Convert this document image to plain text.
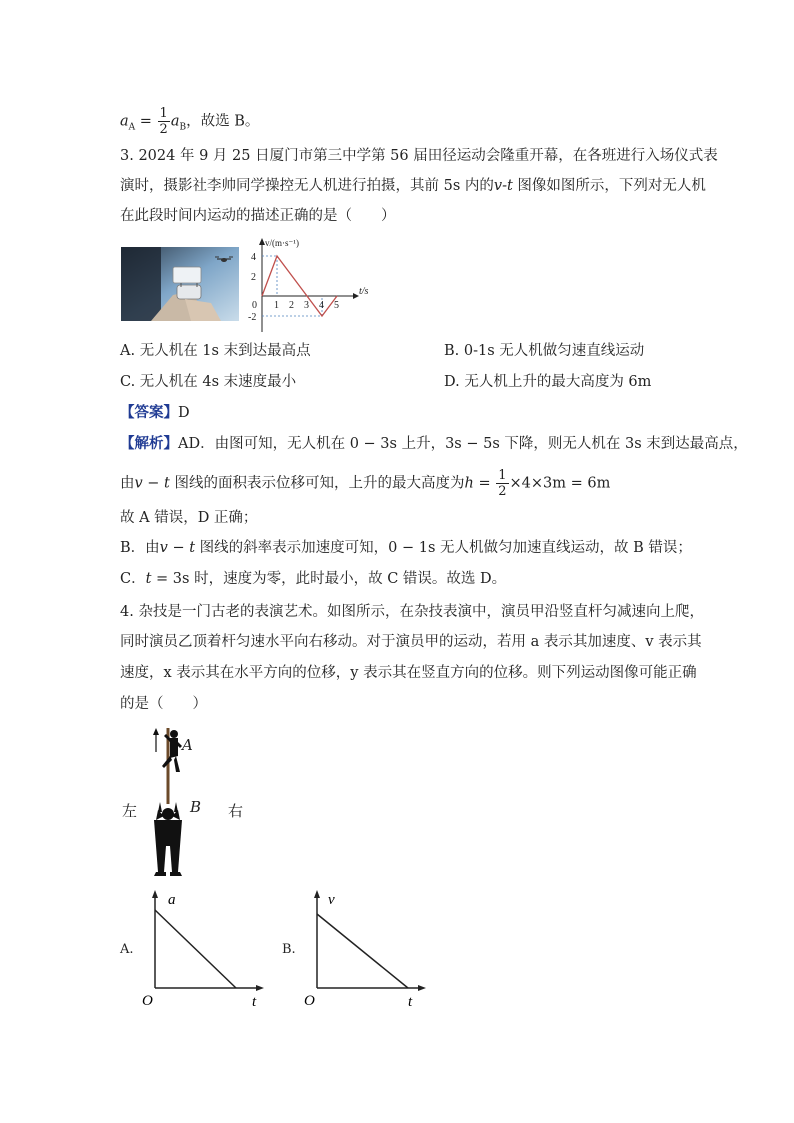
$a_A = \frac{1}{2} a_B$，故选 B。
3. 2024 年 9 月 25 日厦门市第三中学第 56 届田径运动会隆重开幕，在各班进行入场仪式表
演时，摄影社李帅同学操控无人机进行拍摄，其前 5s 内的v-t 图像如图所示，下列对无人机
在此段时间内运动的描述正确的是（　　）
4
2
-2
0 1 2 3 4 5
v/(m·s⁻¹)
t/s
A. 无人机在 1s 末到达最高点	B. 0-1s 无人机做匀速直线运动
C. 无人机在 4s 末速度最小	D. 无人机上升的最大高度为 6m
【答案】D
【解析】AD．由图可知，无人机在 0 − 3s 上升，3s − 5s 下降，则无人机在 3s 末到达最高点，
由v − t 图线的面积表示位移可知，上升的最大高度为$h = \frac{1}{2} \times 4\times 3m = 6m$
故 A 错误，D 正确；
B．由v − t 图线的斜率表示加速度可知，0 − 1s 无人机做匀加速直线运动，故 B 错误；
C．t = 3s 时，速度为零，此时最小，故 C 错误。故选 D。
4. 杂技是一门古老的表演艺术。如图所示，在杂技表演中，演员甲沿竖直杆匀减速向上爬，
同时演员乙顶着杆匀速水平向右移动。对于演员甲的运动，若用 a 表示其加速度、v 表示其
速度，x 表示其在水平方向的位移，y 表示其在竖直方向的位移。则下列运动图像可能正确
的是（　　）
A
B
左	右
A.
a
t
O
B.
v
t
O
